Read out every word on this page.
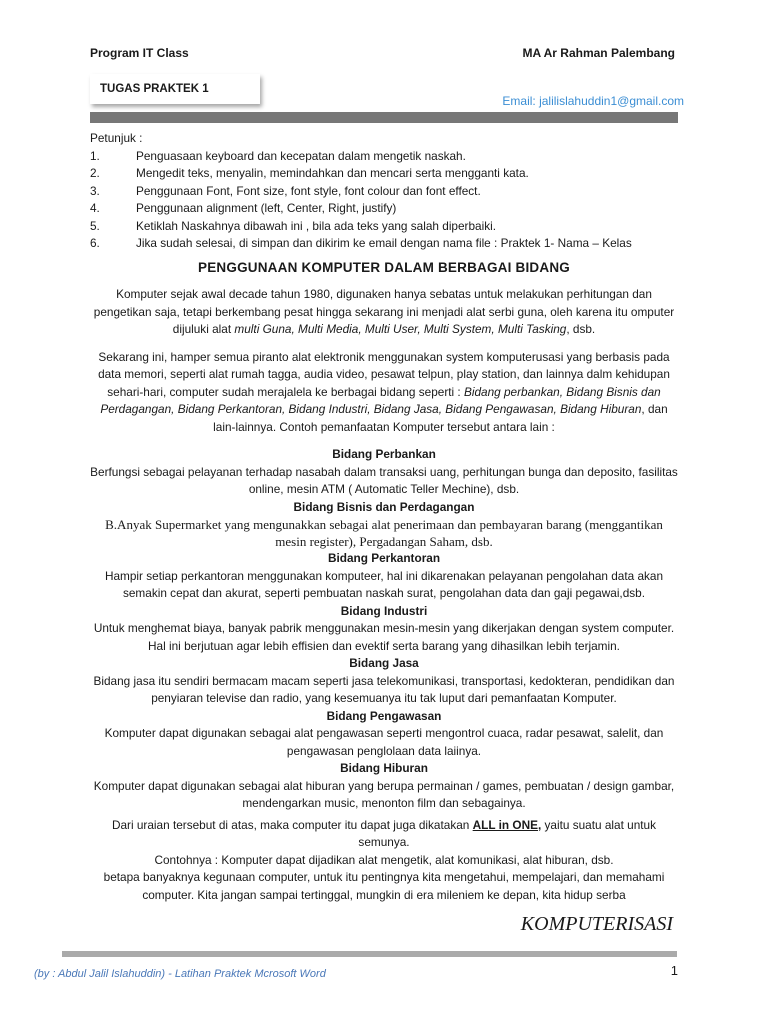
Program IT Class	MA Ar Rahman Palembang
TUGAS PRAKTEK 1
Email: jalilislahuddin1@gmail.com
Petunjuk :
1.	Penguasaan keyboard dan kecepatan dalam mengetik naskah.
2.	Mengedit teks, menyalin, memindahkan dan mencari serta mengganti kata.
3.	Penggunaan Font, Font size, font style, font colour dan font effect.
4.	Penggunaan alignment (left, Center, Right, justify)
5.	Ketiklah Naskahnya dibawah ini , bila ada teks yang salah diperbaiki.
6.	Jika sudah selesai, di simpan dan dikirim ke email dengan nama file : Praktek 1- Nama – Kelas
PENGGUNAAN KOMPUTER DALAM BERBAGAI BIDANG

Komputer sejak awal decade tahun 1980, digunaken hanya sebatas untuk melakukan perhitungan dan pengetikan saja, tetapi berkembang pesat hingga sekarang ini menjadi alat serbi guna, oleh karena itu omputer dijuluki alat multi Guna, Multi Media, Multi User, Multi System, Multi Tasking, dsb.

Sekarang ini, hamper semua piranto alat elektronik menggunakan system komputerusasi yang berbasis pada data memori, seperti alat rumah tagga, audia video, pesawat telpun, play station, dan lainnya dalm kehidupan sehari-hari, computer sudah merajalela ke berbagai bidang seperti : Bidang perbankan, Bidang Bisnis dan Perdagangan, Bidang Perkantoran, Bidang Industri, Bidang Jasa, Bidang Pengawasan, Bidang Hiburan, dan lain-lainnya. Contoh pemanfaatan Komputer tersebut antara lain :

Bidang Perbankan
Berfungsi sebagai pelayanan terhadap nasabah dalam transaksi uang, perhitungan bunga dan deposito, fasilitas online, mesin ATM ( Automatic Teller Mechine), dsb.
Bidang Bisnis dan Perdagangan
B.Anyak Supermarket yang mengunakkan sebagai alat penerimaan dan pembayaran barang (menggantikan mesin register), Pergadangan Saham, dsb.
Bidang Perkantoran
Hampir setiap perkantoran menggunakan komputeer, hal ini dikarenakan pelayanan pengolahan data akan semakin cepat dan akurat, seperti pembuatan naskah surat, pengolahan data dan gaji pegawai,dsb.
Bidang Industri
Untuk menghemat biaya, banyak pabrik menggunakan mesin-mesin yang dikerjakan dengan system computer. Hal ini berjutuan agar lebih effisien dan evektif serta barang yang dihasilkan lebih terjamin.
Bidang Jasa
Bidang jasa itu sendiri bermacam macam seperti jasa telekomunikasi, transportasi, kedokteran, pendidikan dan penyiaran televise dan radio, yang kesemuanya itu tak luput dari pemanfaatan Komputer.
Bidang Pengawasan
Komputer dapat digunakan sebagai alat pengawasan seperti mengontrol cuaca, radar pesawat, salelit, dan pengawasan penglolaan data laiinya.
Bidang Hiburan
Komputer dapat digunakan sebagai alat hiburan yang berupa permainan / games, pembuatan / design gambar, mendengarkan music, menonton film dan sebagainya.
Dari uraian tersebut di atas, maka computer itu dapat juga dikatakan ALL in ONE, yaitu suatu alat untuk semunya.
Contohnya : Komputer dapat dijadikan alat mengetik, alat komunikasi, alat hiburan, dsb.
betapa banyaknya kegunaan computer, untuk itu pentingnya kita mengetahui, mempelajari, dan memahami computer. Kita jangan sampai tertinggal, mungkin di era mileniem ke depan, kita hidup serba
KOMPUTERISASI
(by : Abdul Jalil Islahuddin) - Latihan Praktek Mcrosoft Word	1
